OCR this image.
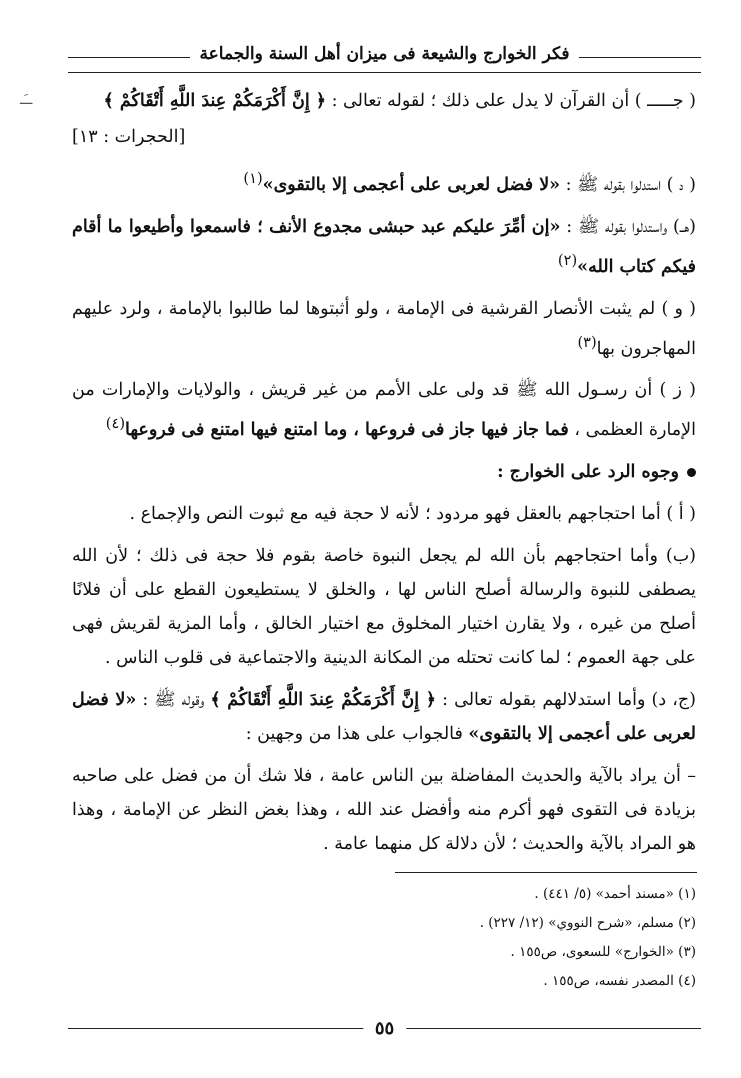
فكر الخوارج والشيعة فى ميزان أهل السنة والجماعة
ــَـ	( جـــــ ) أن القرآن لا يدل على ذلك ؛ لقوله تعالى : ﴿ إِنَّ أَكْرَمَكُمْ عِندَ اللَّهِ أَتْقَاكُمْ ﴾

[الحجرات : ١٣]

( د ) استدلوا بقوله ﷺ : «لا فضل لعربى على أعجمى إلا بالتقوى»$^{(١)}$

(هــ) واستدلوا بقوله ﷺ : «إن أمِّرَ عليكم عبد حبشى مجدوع الأنف ؛ فاسمعوا وأطيعوا ما أقام فيكم كتاب الله»$^{(٢)}$

( و ) لم يثبت الأنصار القرشية فى الإمامة ، ولو أثبتوها لما طالبوا بالإمامة ، ولرد عليهم المهاجرون بها$^{(٣)}$

( ز ) أن رسـول الله ﷺ قد ولى على الأمم من غير قريش ، والولايات والإمارات من الإمارة العظمى ، فما جاز فيها جاز فى فروعها ، وما امتنع فيها امتنع فى فروعها$^{(٤)}$

وجوه الرد على الخوارج :

( أ ) أما احتجاجهم بالعقل فهو مردود ؛ لأنه لا حجة فيه مع ثبوت النص والإجماع .

(ب) وأما احتجاجهم بأن الله لم يجعل النبوة خاصة بقوم فلا حجة فى ذلك ؛ لأن الله يصطفى للنبوة والرسالة أصلح الناس لها ، والخلق لا يستطيعون القطع على أن فلانًا أصلح من غيره ، ولا يقارن اختيار المخلوق مع اختيار الخالق ، وأما المزية لقريش فهى على جهة العموم ؛ لما كانت تحتله من المكانة الدينية والاجتماعية فى قلوب الناس .

(ج، د) وأما استدلالهم بقوله تعالى : ﴿ إِنَّ أَكْرَمَكُمْ عِندَ اللَّهِ أَتْقَاكُمْ ﴾ وقوله ﷺ : «لا فضل لعربى على أعجمى إلا بالتقوى» فالجواب على هذا من وجهين :

– أن يراد بالآية والحديث المفاضلة بين الناس عامة ، فلا شك أن من فضل على صاحبه بزيادة فى التقوى فهو أكرم منه وأفضل عند الله ، وهذا بغض النظر عن الإمامة ، وهذا هو المراد بالآية والحديث ؛ لأن دلالة كل منهما عامة .

(١) «مسند أحمد» (٥/ ٤٤١) .

(٢) مسلم، «شرح النووي» (١٢/ ٢٢٧) .

(٣) «الخوارج» للسعوى، ص١٥٥ .

(٤) المصدر نفسه، ص١٥٥ .

٥٥
